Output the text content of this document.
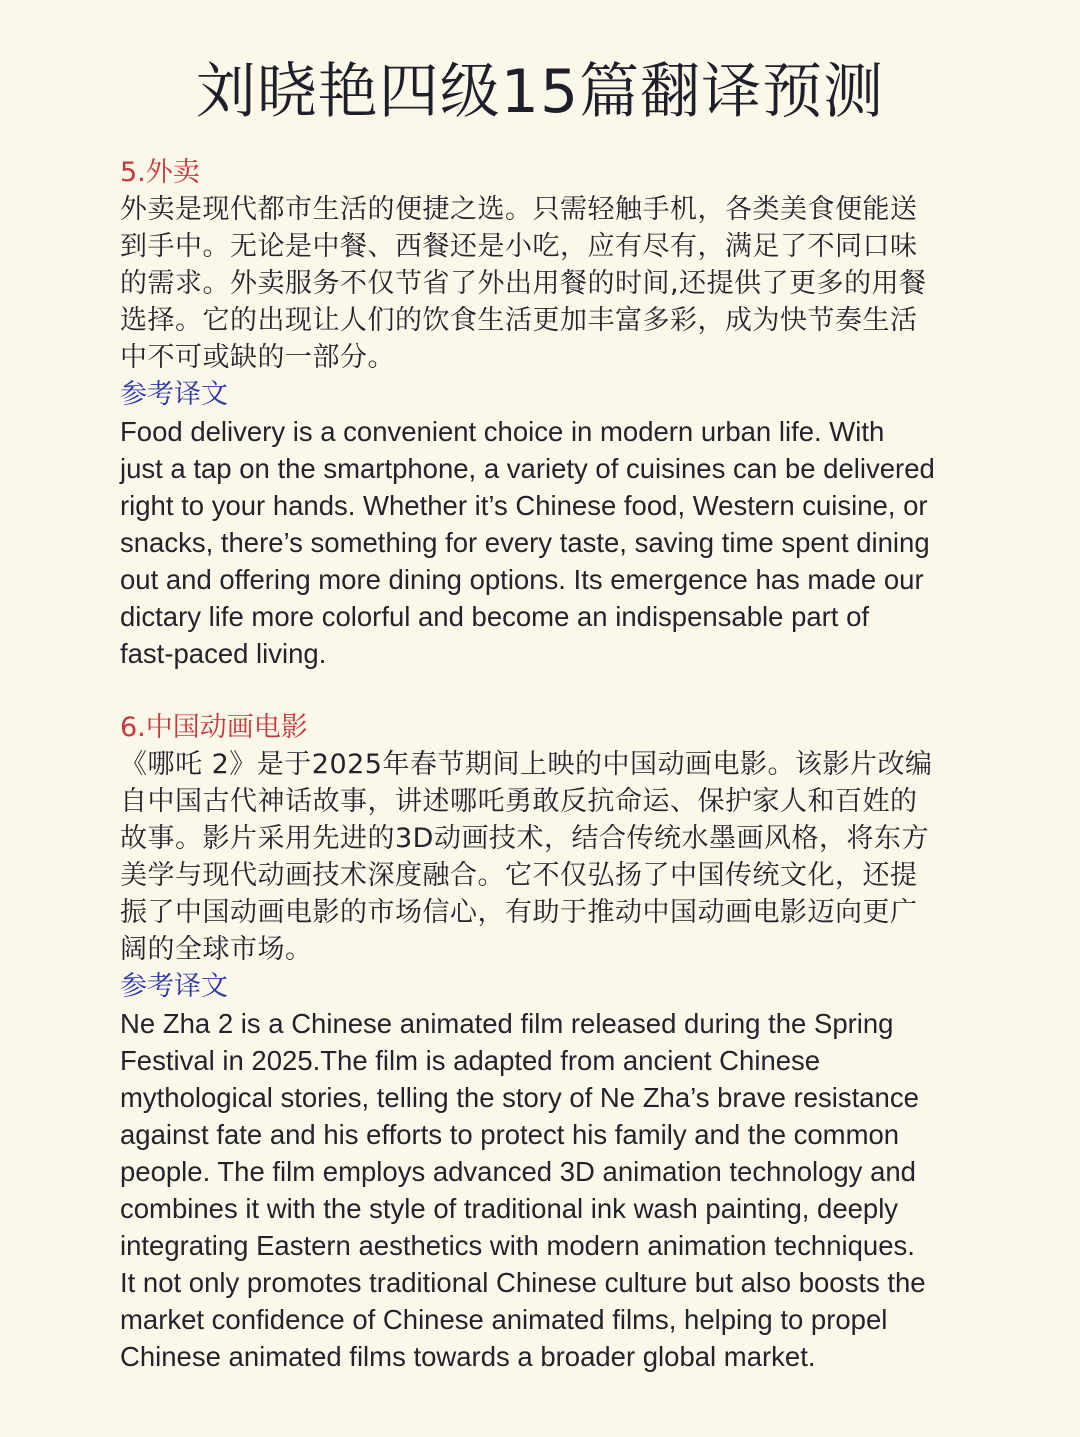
刘晓艳四级15篇翻译预测

5.外卖

外卖是现代都市生活的便捷之选。只需轻触手机，各类美食便能送
到手中。无论是中餐、西餐还是小吃，应有尽有，满足了不同口味
的需求。外卖服务不仅节省了外出用餐的时间,还提供了更多的用餐
选择。它的出现让人们的饮食生活更加丰富多彩，成为快节奏生活
中不可或缺的一部分。

参考译文

Food delivery is a convenient choice in modern urban life. With
just a tap on the smartphone, a variety of cuisines can be delivered
right to your hands. Whether it’s Chinese food, Western cuisine, or
snacks, there’s something for every taste, saving time spent dining
out and offering more dining options. Its emergence has made our
dictary life more colorful and become an indispensable part of
fast-paced living.

6.中国动画电影

《哪吒 2》是于2025年春节期间上映的中国动画电影。该影片改编
自中国古代神话故事，讲述哪吒勇敢反抗命运、保护家人和百姓的
故事。影片采用先进的3D动画技术，结合传统水墨画风格，将东方
美学与现代动画技术深度融合。它不仅弘扬了中国传统文化，还提
振了中国动画电影的市场信心，有助于推动中国动画电影迈向更广
阔的全球市场。

参考译文

Ne Zha 2 is a Chinese animated film released during the Spring
Festival in 2025.The film is adapted from ancient Chinese
mythological stories, telling the story of Ne Zha’s brave resistance
against fate and his efforts to protect his family and the common
people. The film employs advanced 3D animation technology and
combines it with the style of traditional ink wash painting, deeply
integrating Eastern aesthetics with modern animation techniques.
It not only promotes traditional Chinese culture but also boosts the
market confidence of Chinese animated films, helping to propel
Chinese animated films towards a broader global market.
